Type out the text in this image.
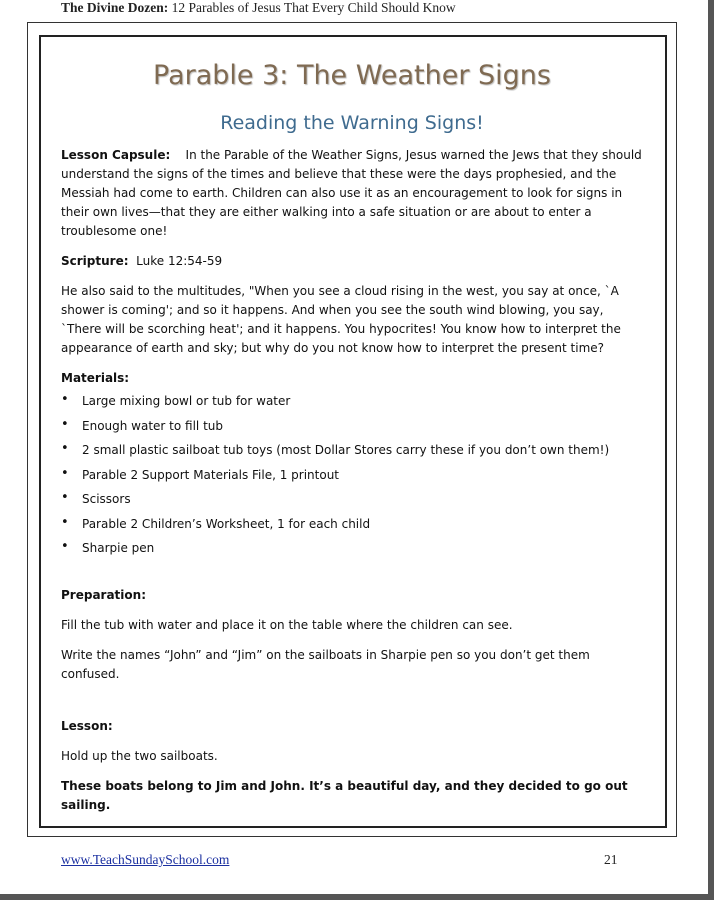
The Divine Dozen: 12 Parables of Jesus That Every Child Should Know
Parable 3: The Weather Signs
Reading the Warning Signs!

Lesson Capsule: In the Parable of the Weather Signs, Jesus warned the Jews that they should understand the signs of the times and believe that these were the days prophesied, and the Messiah had come to earth. Children can also use it as an encouragement to look for signs in their own lives—that they are either walking into a safe situation or are about to enter a troublesome one!

Scripture: Luke 12:54-59

He also said to the multitudes, "When you see a cloud rising in the west, you say at once, `A shower is coming'; and so it happens. And when you see the south wind blowing, you say, `There will be scorching heat'; and it happens. You hypocrites! You know how to interpret the appearance of earth and sky; but why do you not know how to interpret the present time?

Materials:
• Large mixing bowl or tub for water
• Enough water to fill tub
• 2 small plastic sailboat tub toys (most Dollar Stores carry these if you don’t own them!)
• Parable 2 Support Materials File, 1 printout
• Scissors
• Parable 2 Children’s Worksheet, 1 for each child
• Sharpie pen

Preparation:

Fill the tub with water and place it on the table where the children can see.

Write the names “John” and “Jim” on the sailboats in Sharpie pen so you don’t get them confused.

Lesson:

Hold up the two sailboats.

These boats belong to Jim and John. It’s a beautiful day, and they decided to go out sailing.

www.TeachSundaySchool.com	21
